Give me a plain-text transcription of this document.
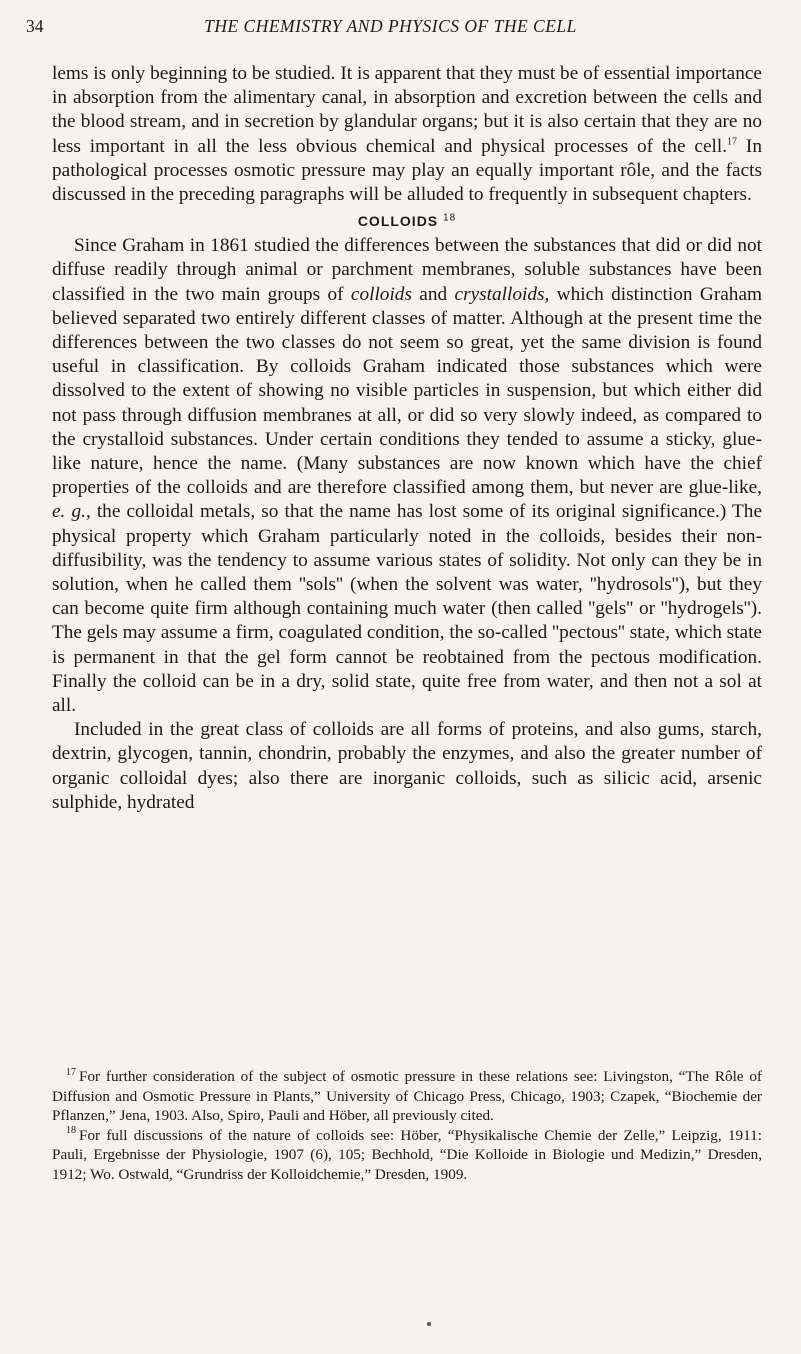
34	THE CHEMISTRY AND PHYSICS OF THE CELL

lems is only beginning to be studied. It is apparent that they must be of essential importance in absorption from the alimentary canal, in absorption and excretion between the cells and the blood stream, and in secretion by glandular organs; but it is also certain that they are no less important in all the less obvious chemical and physical processes of the cell.$^{17}$ In pathological processes osmotic pressure may play an equally important rôle, and the facts discussed in the preceding paragraphs will be alluded to frequently in subsequent chapters.

COLLOIDS $^{18}$

Since Graham in 1861 studied the differences between the substances that did or did not diffuse readily through animal or parchment membranes, soluble substances have been classified in the two main groups of colloids and crystalloids, which distinction Graham believed separated two entirely different classes of matter. Although at the present time the differences between the two classes do not seem so great, yet the same division is found useful in classification. By colloids Graham indicated those substances which were dissolved to the extent of showing no visible particles in suspension, but which either did not pass through diffusion membranes at all, or did so very slowly indeed, as compared to the crystalloid substances. Under certain conditions they tended to assume a sticky, glue-like nature, hence the name. (Many substances are now known which have the chief properties of the colloids and are therefore classified among them, but never are glue-like, e. g., the colloidal metals, so that the name has lost some of its original significance.) The physical property which Graham particularly noted in the colloids, besides their non-diffusibility, was the tendency to assume various states of solidity. Not only can they be in solution, when he called them ''sols'' (when the solvent was water, ''hydrosols''), but they can become quite firm although containing much water (then called ''gels'' or ''hydrogels''). The gels may assume a firm, coagulated condition, the so-called ''pectous'' state, which state is permanent in that the gel form cannot be reobtained from the pectous modification. Finally the colloid can be in a dry, solid state, quite free from water, and then not a sol at all.

Included in the great class of colloids are all forms of proteins, and also gums, starch, dextrin, glycogen, tannin, chondrin, probably the enzymes, and also the greater number of organic colloidal dyes; also there are inorganic colloids, such as silicic acid, arsenic sulphide, hydrated

$^{17}$ For further consideration of the subject of osmotic pressure in these relations see: Livingston, “The Rôle of Diffusion and Osmotic Pressure in Plants,” University of Chicago Press, Chicago, 1903; Czapek, “Biochemie der Pflanzen,” Jena, 1903. Also, Spiro, Pauli and Höber, all previously cited.

$^{18}$ For full discussions of the nature of colloids see: Höber, “Physikalische Chemie der Zelle,” Leipzig, 1911: Pauli, Ergebnisse der Physiologie, 1907 (6), 105; Bechhold, “Die Kolloide in Biologie und Medizin,” Dresden, 1912; Wo. Ostwald, “Grundriss der Kolloidchemie,” Dresden, 1909.
